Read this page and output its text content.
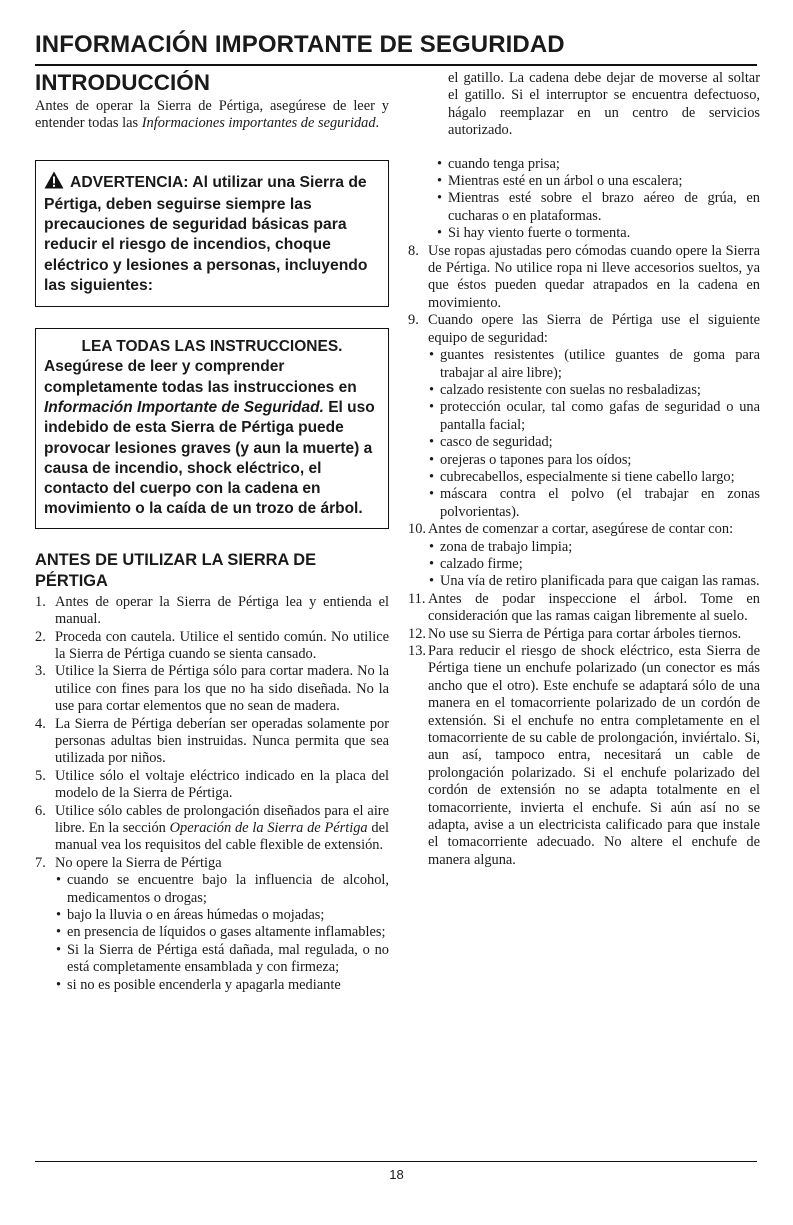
INFORMACIÓN IMPORTANTE DE SEGURIDAD
INTRODUCCIÓN

Antes de operar la Sierra de Pértiga, asegúrese de leer y entender todas las Informaciones importantes de seguridad.

ADVERTENCIA: Al utilizar una Sierra de Pértiga, deben seguirse siempre las precauciones de seguridad básicas para reducir el riesgo de incendios, choque eléctrico y lesiones a personas, incluyendo las siguientes:
LEA TODAS LAS INSTRUCCIONES.
Asegúrese de leer y comprender completamente todas las instrucciones en Información Importante de Seguridad. El uso indebido de esta Sierra de Pértiga puede provocar lesiones graves (y aun la muerte) a causa de incendio, shock eléctrico, el contacto del cuerpo con la cadena en movimiento o la caída de un trozo de árbol.
ANTES DE UTILIZAR LA SIERRA DE PÉRTIGA
1. Antes de operar la Sierra de Pértiga lea y entienda el manual.
2. Proceda con cautela. Utilice el sentido común. No utilice la Sierra de Pértiga cuando se sienta cansado.
3. Utilice la Sierra de Pértiga sólo para cortar madera. No la utilice con fines para los que no ha sido diseñada. No la use para cortar elementos que no sean de madera.
4. La Sierra de Pértiga deberían ser operadas solamente por personas adultas bien instruidas. Nunca permita que sea utilizada por niños.
5. Utilice sólo el voltaje eléctrico indicado en la placa del modelo de la Sierra de Pértiga.
6. Utilice sólo cables de prolongación diseñados para el aire libre. En la sección Operación de la Sierra de Pértiga del manual vea los requisitos del cable flexible de extensión.
7. No opere la Sierra de Pértiga
• cuando se encuentre bajo la influencia de alcohol, medicamentos o drogas;
• bajo la lluvia o en áreas húmedas o mojadas;
• en presencia de líquidos o gases altamente inflamables;
• Si la Sierra de Pértiga está dañada, mal regulada, o no está completamente ensamblada y con firmeza;
• si no es posible encenderla y apagarla mediante

el gatillo. La cadena debe dejar de moverse al soltar el gatillo. Si el interruptor se encuentra defectuoso, hágalo reemplazar en un centro de servicios autorizado.

• cuando tenga prisa;
• Mientras esté en un árbol o una escalera;
• Mientras esté sobre el brazo aéreo de grúa, en cucharas o en plataformas.
• Si hay viento fuerte o tormenta.
8. Use ropas ajustadas pero cómodas cuando opere la Sierra de Pértiga. No utilice ropa ni lleve accesorios sueltos, ya que éstos pueden quedar atrapados en la cadena en movimiento.
9. Cuando opere las Sierra de Pértiga use el siguiente equipo de seguridad:
• guantes resistentes (utilice guantes de goma para trabajar al aire libre);
• calzado resistente con suelas no resbaladizas;
• protección ocular, tal como gafas de seguridad o una pantalla facial;
• casco de seguridad;
• orejeras o tapones para los oídos;
• cubrecabellos, especialmente si tiene cabello largo;
• máscara contra el polvo (el trabajar en zonas polvorientas).
10. Antes de comenzar a cortar, asegúrese de contar con:
• zona de trabajo limpia;
• calzado firme;
• Una vía de retiro planificada para que caigan las ramas.
11. Antes de podar inspeccione el árbol. Tome en consideración que las ramas caigan libremente al suelo.
12. No use su Sierra de Pértiga para cortar árboles tiernos.
13. Para reducir el riesgo de shock eléctrico, esta Sierra de Pértiga tiene un enchufe polarizado (un conector es más ancho que el otro). Este enchufe se adaptará sólo de una manera en el tomacorriente polarizado de un cordón de extensión. Si el enchufe no entra completamente en el tomacorriente de su cable de prolongación, inviértalo. Si, aun así, tampoco entra, necesitará un cable de prolongación polarizado. Si el enchufe polarizado del cordón de extensión no se adapta totalmente en el tomacorriente, invierta el enchufe. Si aún así no se adapta, avise a un electricista calificado para que instale el tomacorriente adecuado. No altere el enchufe de manera alguna.
18
